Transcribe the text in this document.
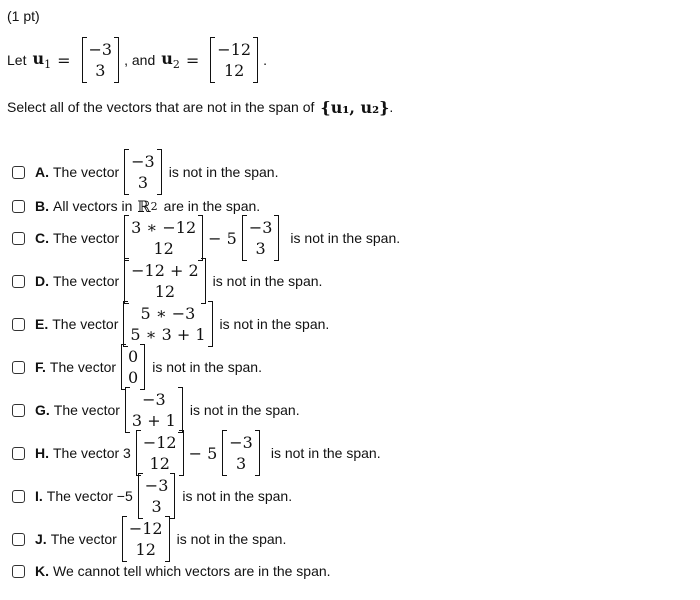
(1 pt)
Let $u_1$ =
−3
3
, and $u_2$ =
−12
12
.
Select all of the vectors that are not in the span of {u₁, u₂} .
A. The vector
−3
3
is not in the span.
B. All vectors in ℝ 2 are in the span.
C. The vector
3 ∗ −12
12
− 5
−3
3
is not in the span.
D. The vector
−12 + 2
12
is not in the span.
E. The vector
5 ∗ −3
5 ∗ 3 + 1
is not in the span.
F. The vector
0
0
is not in the span.
G. The vector
−3
3 + 1
is not in the span.
H. The vector 3
−12
12
− 5
−3
3
is not in the span.
I. The vector −5
−3
3
is not in the span.
J. The vector
−12
12
is not in the span.
K. We cannot tell which vectors are in the span.
